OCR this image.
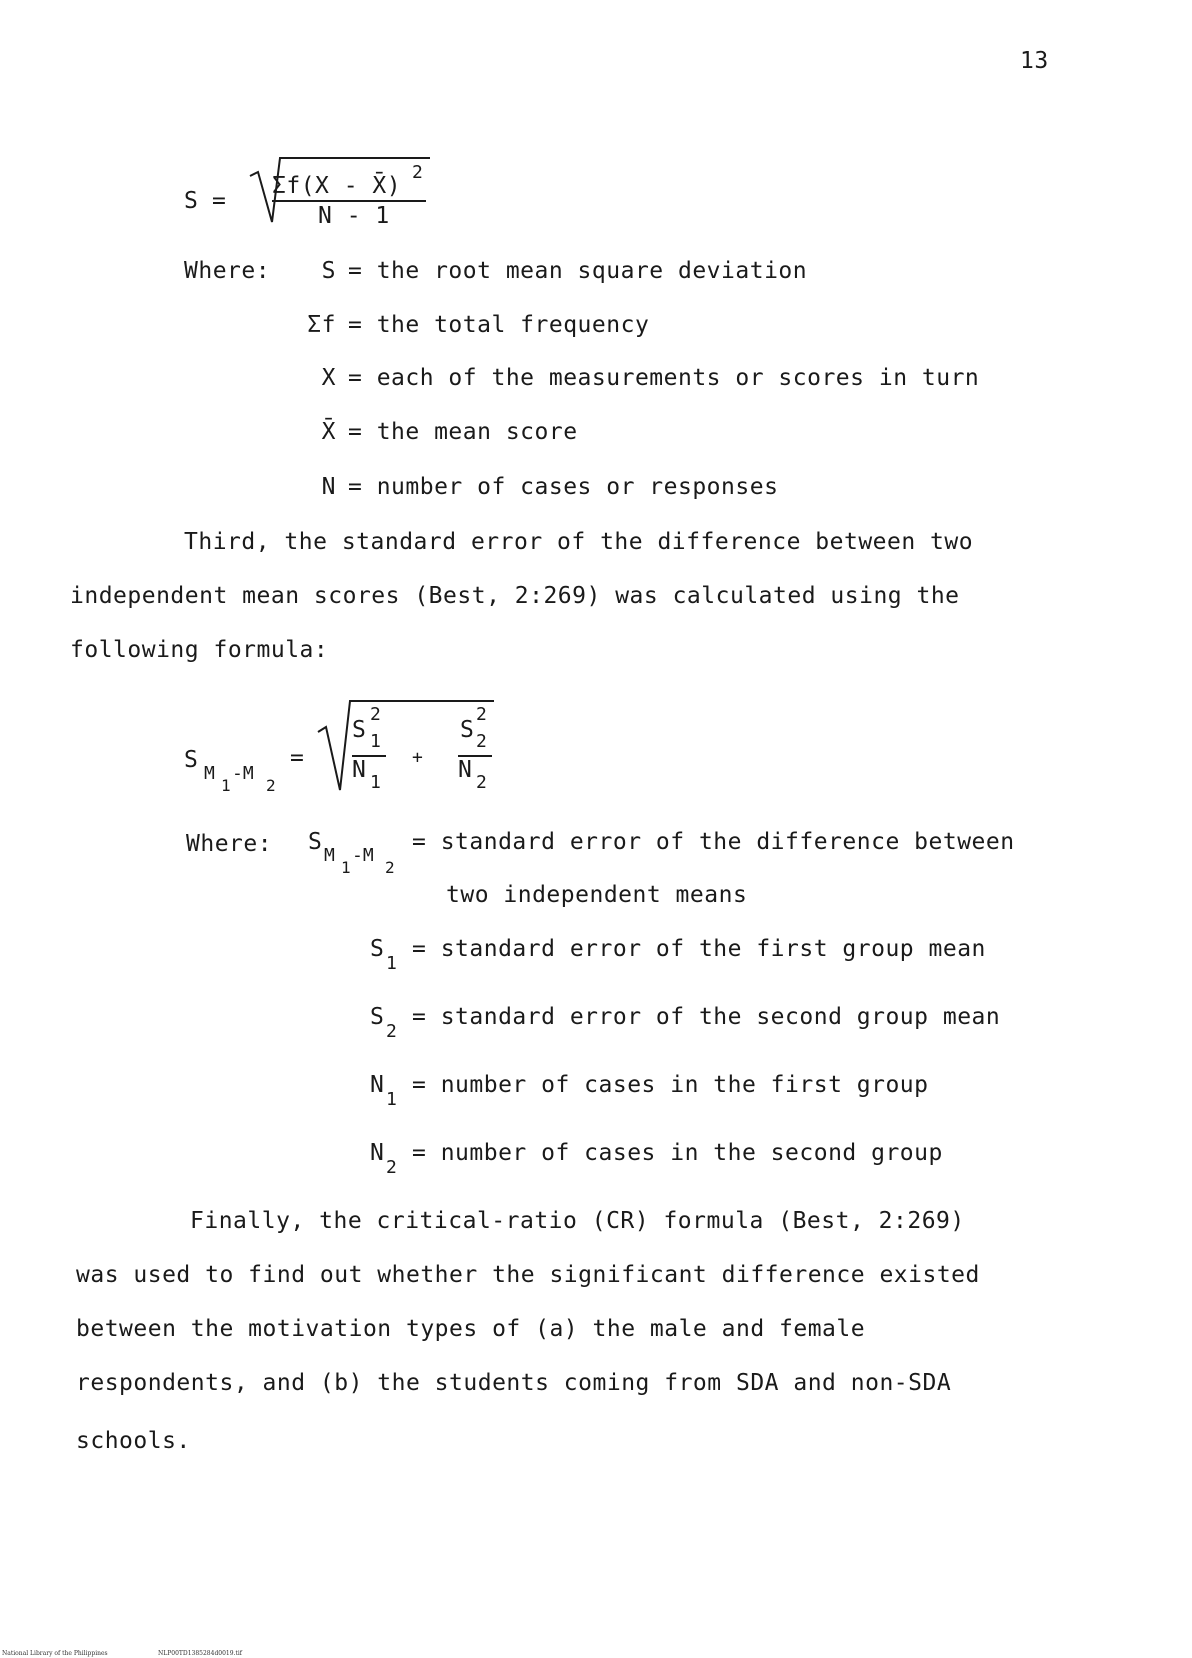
13
S =
Σf(X - X̄)
2
N - 1
Where: S = the root mean square deviation
Σf = the total frequency
X = each of the measurements or scores in turn
X̄ = the mean score
N = number of cases or responses
Third, the standard error of the difference between two
independent mean scores (Best, 2:269) was calculated using the
following formula:
S
M
1
-M
2
=
S
2
1
N 1
+
S
2
2
N 2
Where: S
M
1
-M
2
= standard error of the difference between
two independent means
S
1
= standard error of the first group mean
S
2
= standard error of the second group mean
N
1
= number of cases in the first group
N
2
= number of cases in the second group
Finally, the critical-ratio (CR) formula (Best, 2:269)
was used to find out whether the significant difference existed
between the motivation types of (a) the male and female
respondents, and (b) the students coming from SDA and non-SDA
schools.
National Library of the Philippines	NLP00TD1385284d0019.tif
